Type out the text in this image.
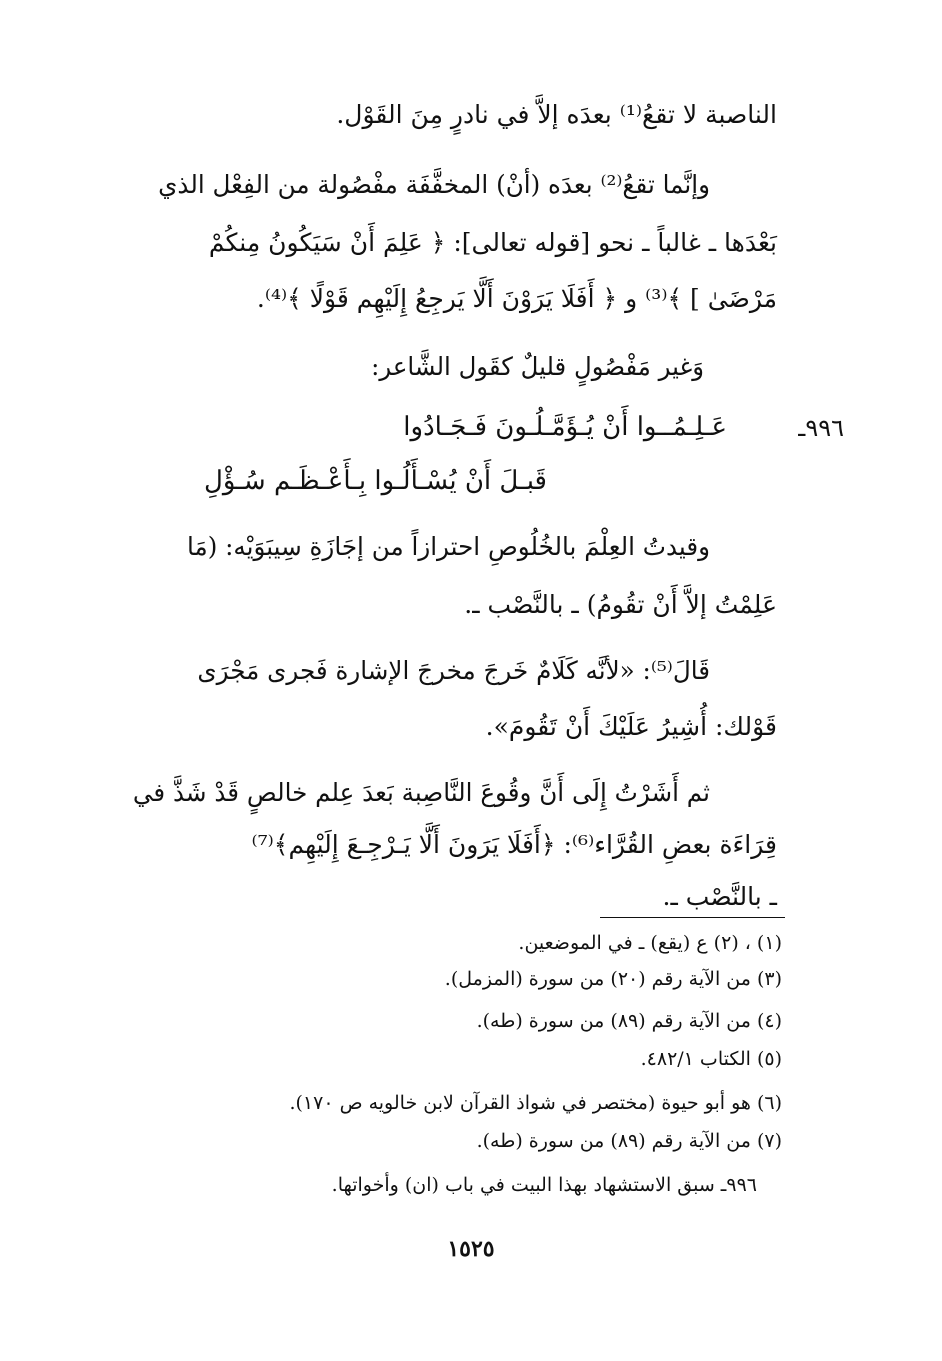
الناصبة لا تقعُ⁽¹⁾ بعدَه إلاَّ في نادرٍ مِنَ القَوْل.
وإنَّما تقعُ⁽²⁾ بعدَه (أنْ) المخفَّفَة مفْصُولة من الفِعْل الذي
بَعْدَها ـ غالباً ـ نحو [قوله تعالى]: ﴿ عَلِمَ أَنْ سَيَكُونُ مِنكُمْ
مَرْضَىٰ ] ﴾⁽³⁾ و ﴿ أَفَلَا يَرَوْنَ أَلَّا يَرجِعُ إِلَيْهِم قَوْلًا ﴾⁽⁴⁾.
وَغير مَفْصُولٍ قليلٌ كقَول الشَّاعر:
٩٩٦ـ
عَـلِـمُــوا أَنْ يُـؤَمَّـلُـونَ فَـجَـادُوا
قَبـلَ أَنْ يُسْـأَلُـوا بِـأَعْـظَـم سُـؤْلِ
وقيدتُ العِلْمَ بالخُلُوصِ احترازاً من إجَازَةِ سِيبَوَيْه: (مَا
عَلِمْتُ إلاَّ أَنْ تقُومُ) ـ بالنَّصْب ـ.
قَالَ⁽⁵⁾: «لأنَّه كَلَامٌ خَرجَ مخرجَ الإشارة فَجرى مَجْرَى
قَوْلك: أُشِيرُ عَلَيْكَ أَنْ تَقُومَ».
ثم أَشَرْتُ إِلَى أَنَّ وقُوعَ النَّاصِبة بَعدَ عِلم خالصٍ قَدْ شَذَّ في
قِرَاءَة بعضِ القُرَّاء⁽⁶⁾: ﴿أَفَلَا يَرَونَ أَلَّا يَـرْجِـعَ إِلَيْهِم﴾⁽⁷⁾
ـ بالنَّصْب ـ.
(١) ، (٢) ع (يقع) ـ في الموضعين.
(٣) من الآية رقم (٢٠) من سورة (المزمل).
(٤) من الآية رقم (٨٩) من سورة (طه).
(٥) الكتاب ٤٨٢/١.
(٦) هو أبو حيوة (مختصر في شواذ القرآن لابن خالويه ص ١٧٠).
(٧) من الآية رقم (٨٩) من سورة (طه).
٩٩٦ـ سبق الاستشهاد بهذا البيت في باب (ان) وأخواتها.
١٥٢٥
